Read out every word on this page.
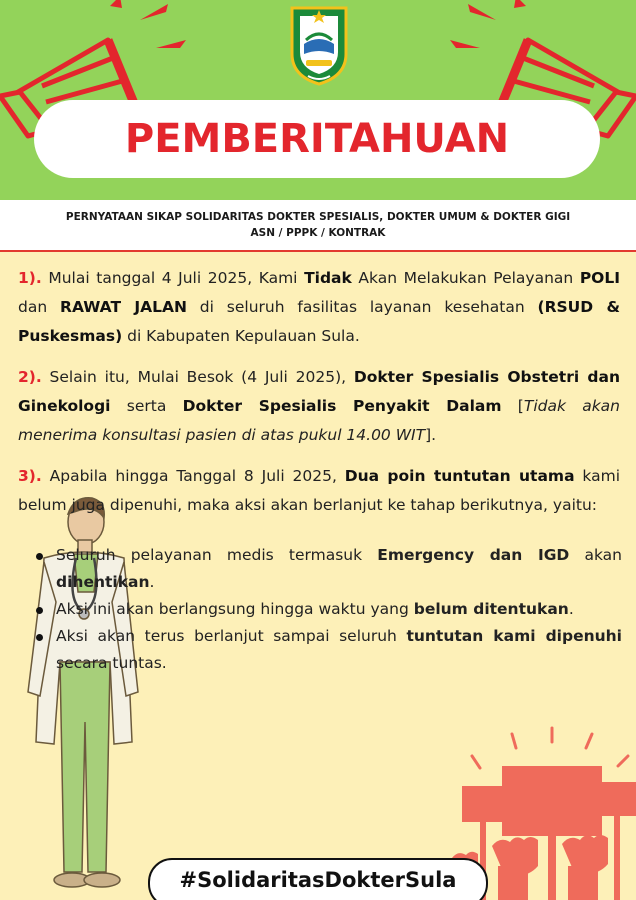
PEMBERITAHUAN
PERNYATAAN SIKAP SOLIDARITAS DOKTER SPESIALIS, DOKTER UMUM & DOKTER GIGI
ASN / PPPK / KONTRAK

1). Mulai tanggal 4 Juli 2025, Kami Tidak Akan Melakukan Pelayanan POLI dan RAWAT JALAN di seluruh fasilitas layanan kesehatan (RSUD & Puskesmas) di Kabupaten Kepulauan Sula.

2). Selain itu, Mulai Besok (4 Juli 2025), Dokter Spesialis Obstetri dan Ginekologi serta Dokter Spesialis Penyakit Dalam [Tidak akan menerima konsultasi pasien di atas pukul 14.00 WIT].

3). Apabila hingga Tanggal 8 Juli 2025, Dua poin tuntutan utama kami belum juga dipenuhi, maka aksi akan berlanjut ke tahap berikutnya, yaitu:

Seluruh pelayanan medis termasuk Emergency dan IGD akan dihentikan.
Aksi ini akan berlangsung hingga waktu yang belum ditentukan.
Aksi akan terus berlanjut sampai seluruh tuntutan kami dipenuhi secara tuntas.
#SolidaritasDokterSula
